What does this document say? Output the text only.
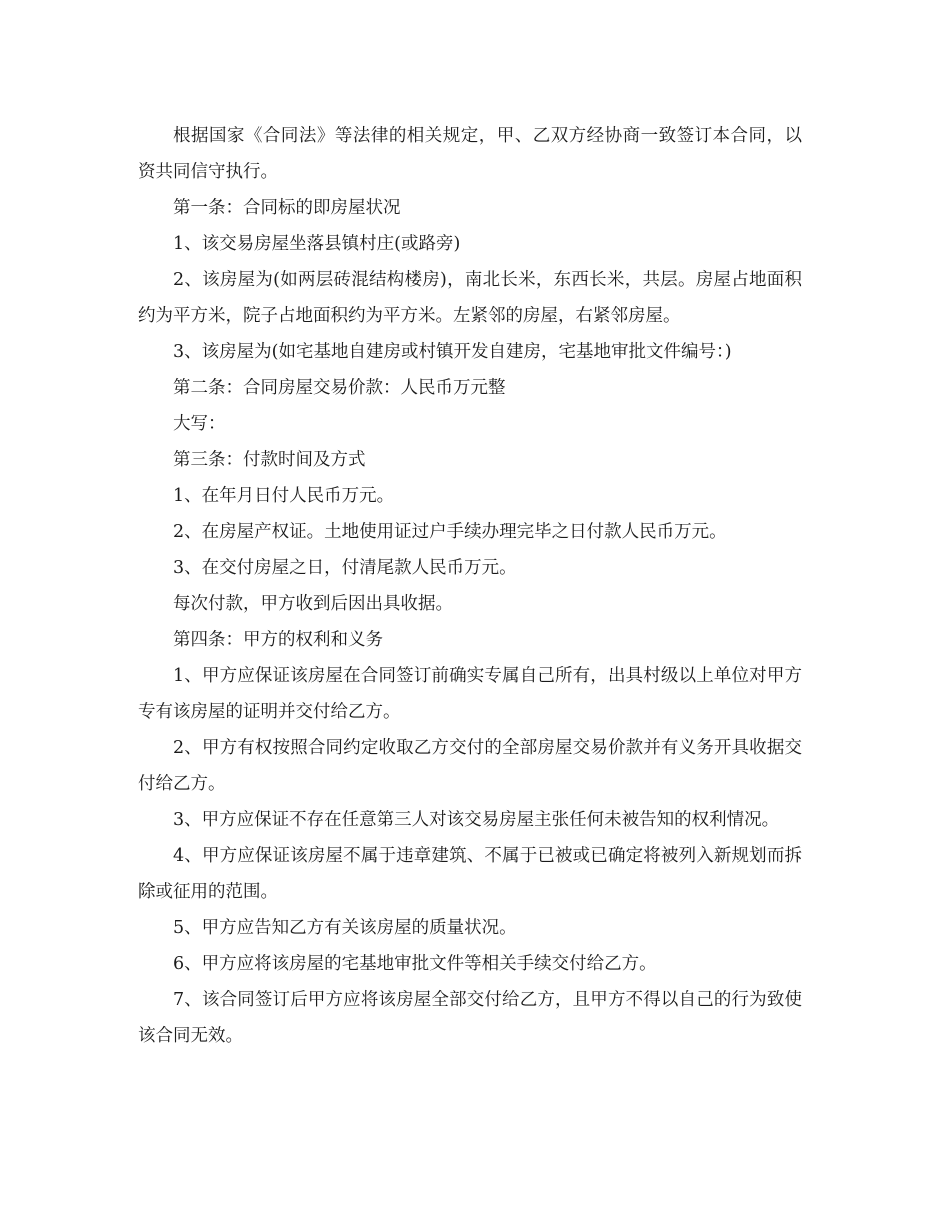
根据国家《合同法》等法律的相关规定，甲、乙双方经协商一致签订本合同，以资共同信守执行。

第一条：合同标的即房屋状况

1、该交易房屋坐落县镇村庄(或路旁)

2、该房屋为(如两层砖混结构楼房)，南北长米，东西长米，共层。房屋占地面积约为平方米，院子占地面积约为平方米。左紧邻的房屋，右紧邻房屋。

3、该房屋为(如宅基地自建房或村镇开发自建房，宅基地审批文件编号：)

第二条：合同房屋交易价款：人民币万元整

大写：

第三条：付款时间及方式

1、在年月日付人民币万元。

2、在房屋产权证。土地使用证过户手续办理完毕之日付款人民币万元。

3、在交付房屋之日，付清尾款人民币万元。

每次付款，甲方收到后因出具收据。

第四条：甲方的权利和义务

1、甲方应保证该房屋在合同签订前确实专属自己所有，出具村级以上单位对甲方专有该房屋的证明并交付给乙方。

2、甲方有权按照合同约定收取乙方交付的全部房屋交易价款并有义务开具收据交付给乙方。

3、甲方应保证不存在任意第三人对该交易房屋主张任何未被告知的权利情况。

4、甲方应保证该房屋不属于违章建筑、不属于已被或已确定将被列入新规划而拆除或征用的范围。

5、甲方应告知乙方有关该房屋的质量状况。

6、甲方应将该房屋的宅基地审批文件等相关手续交付给乙方。

7、该合同签订后甲方应将该房屋全部交付给乙方，且甲方不得以自己的行为致使该合同无效。
